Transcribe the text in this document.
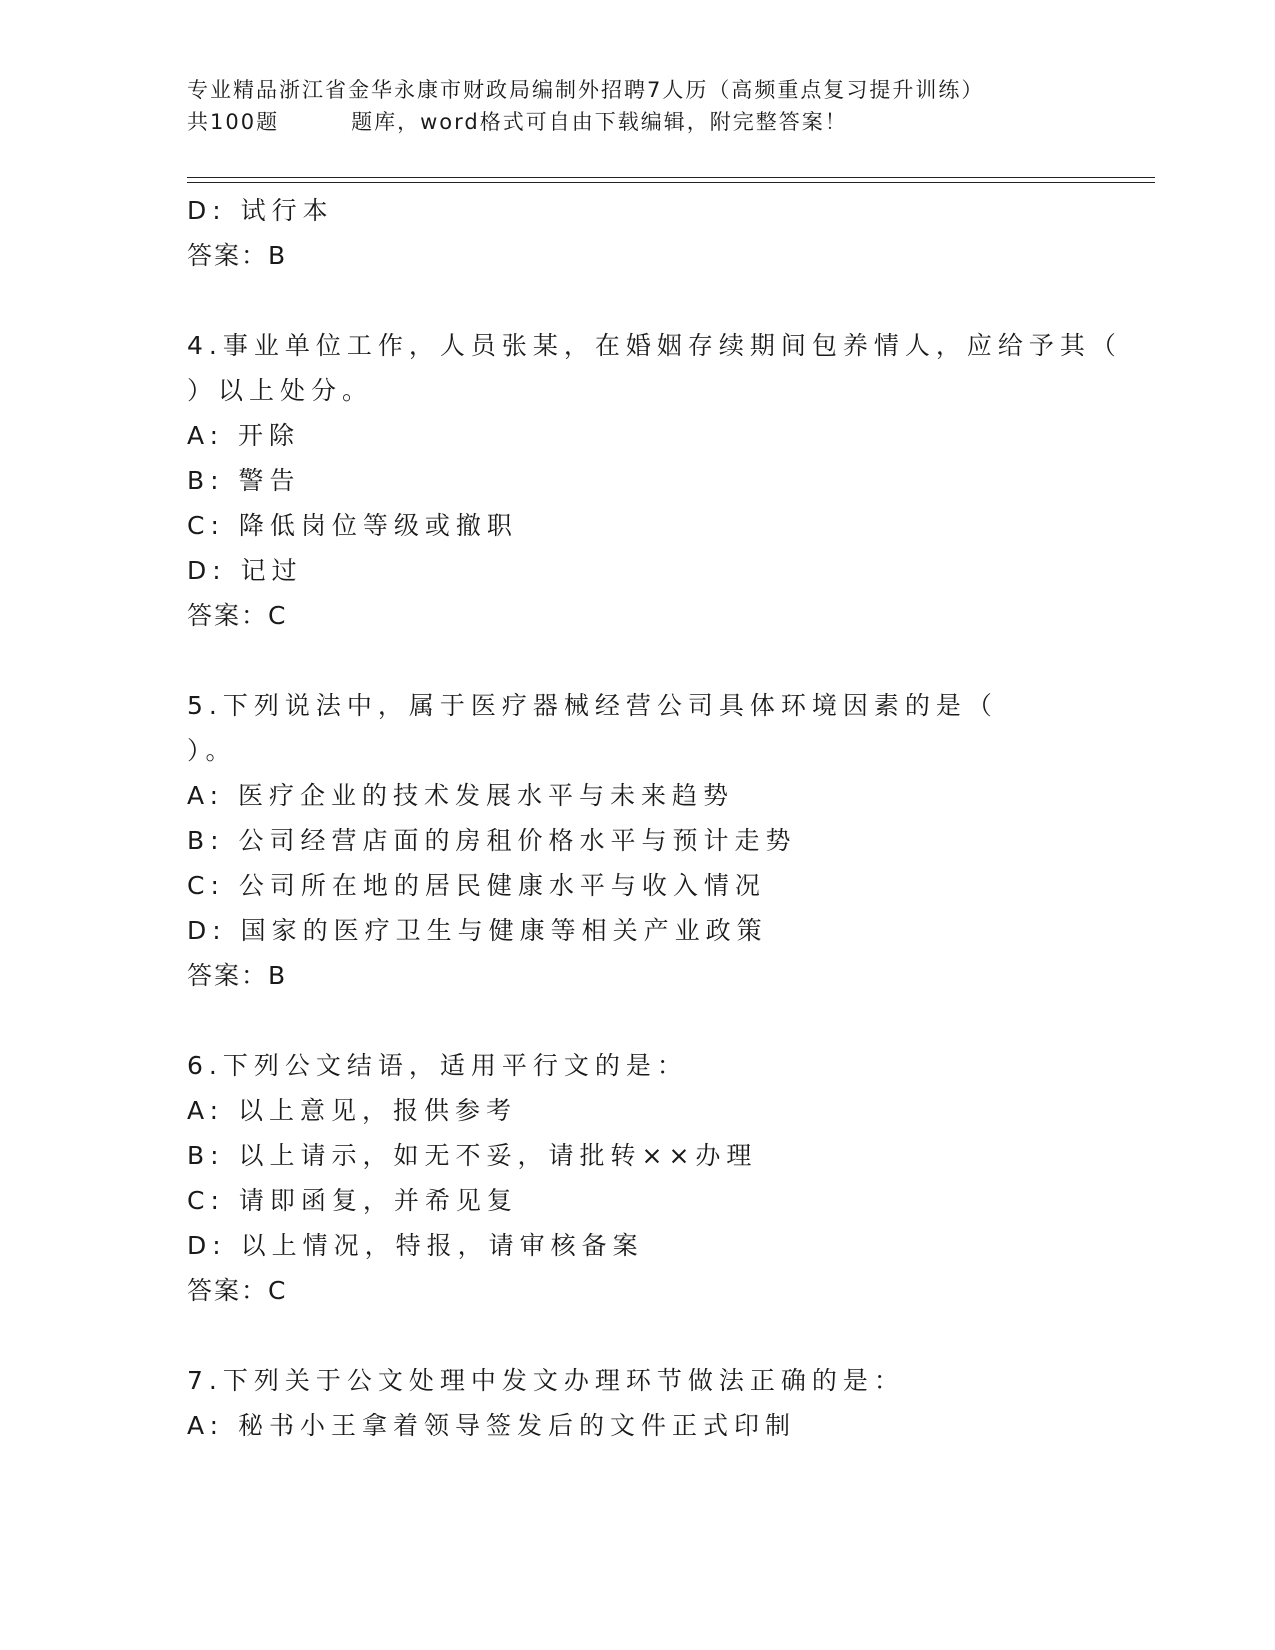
专业精品浙江省金华永康市财政局编制外招聘7人历（高频重点复习提升训练）
共100题	题库，word格式可自由下载编辑，附完整答案！
D: 试行本
答案：B
4.事业单位工作，人员张某，在婚姻存续期间包养情人，应给予其（
）以上处分。
A: 开除
B: 警告
C: 降低岗位等级或撤职
D: 记过
答案：C
5.下列说法中，属于医疗器械经营公司具体环境因素的是（
）。
A: 医疗企业的技术发展水平与未来趋势
B: 公司经营店面的房租价格水平与预计走势
C: 公司所在地的居民健康水平与收入情况
D: 国家的医疗卫生与健康等相关产业政策
答案：B
6.下列公文结语，适用平行文的是：
A: 以上意见，报供参考
B: 以上请示，如无不妥，请批转××办理
C: 请即函复，并希见复
D: 以上情况，特报，请审核备案
答案：C
7.下列关于公文处理中发文办理环节做法正确的是：
A: 秘书小王拿着领导签发后的文件正式印制
